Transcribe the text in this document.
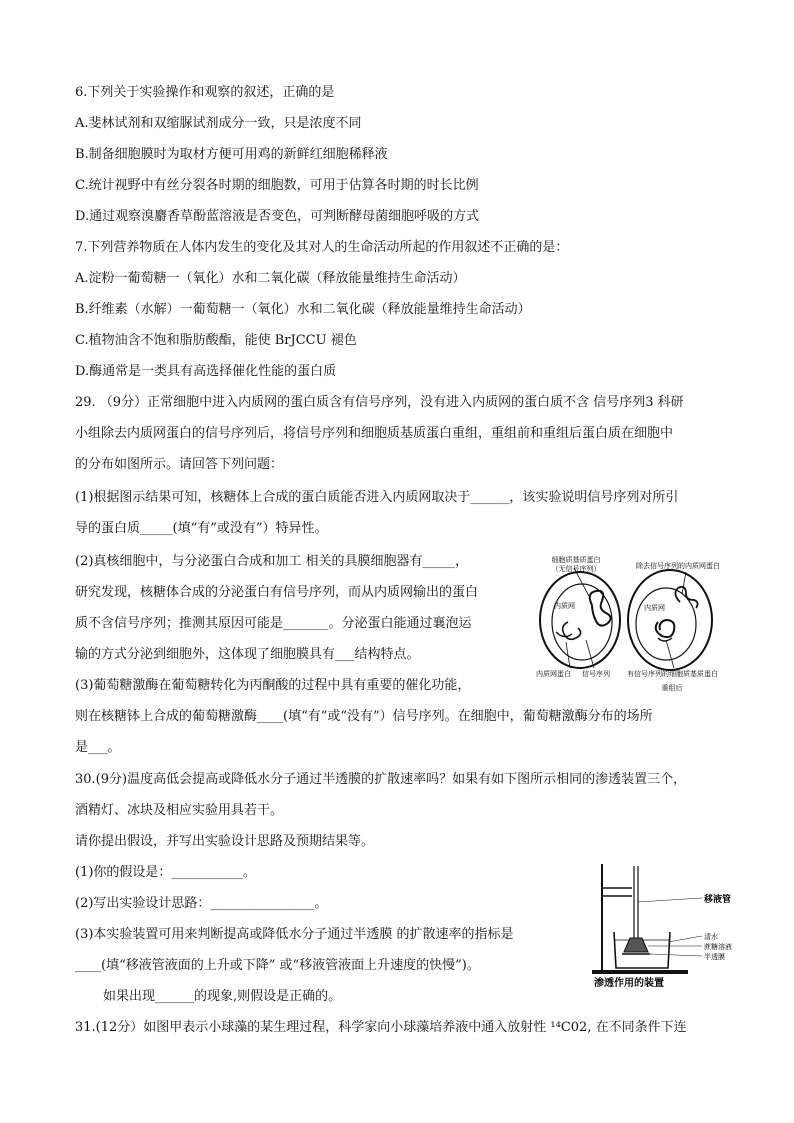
6.下列关于实验操作和观察的叙述，正确的是
A.斐林试剂和双缩脲试剂成分一致，只是浓度不同
B.制备细胞膜时为取材方便可用鸡的新鲜红细胞稀释液
C.统计视野中有丝分裂各时期的细胞数，可用于估算各时期的时长比例
D.通过观察溴麝香草酚蓝溶液是否变色，可判断酵母菌细胞呼吸的方式
7.下列营养物质在人体内发生的变化及其对人的生命活动所起的作用叙述不正确的是：
A.淀粉一葡萄糖一（氧化）水和二氧化碳（释放能量维持生命活动）
B.纤维素（水解）一葡萄糖一（氧化）水和二氧化碳（释放能量维持生命活动）
C.植物油含不饱和脂肪酸酯，能使 BrJCCU 褪色
D.酶通常是一类具有高选择催化性能的蛋白质
29. （9分）正常细胞中进入内质网的蛋白质含有信号序列，没有进入内质网的蛋白质不含 信号序列3 科研
小组除去内质网蛋白的信号序列后，将信号序列和细胞质基质蛋白重组，重组前和重组后蛋白质在细胞中
的分布如图所示。请回答下列问题：
(1)根据图示结果可知，核糖体上合成的蛋白质能否进入内质网取决于______，该实验说明信号序列对所引
导的蛋白质_____(填“有”或没有”）特异性。
(2)真核细胞中，与分泌蛋白合成和加工 相关的具膜细胞器有_____，
研究发现，核糖体合成的分泌蛋白有信号序列，而从内质网输出的蛋白
质不含信号序列；推测其原因可能是_______。分泌蛋白能通过襄泡运
输的方式分泌到细胞外，这体现了细胞膜具有___结构特点。
(3)葡萄糖激酶在葡萄糖转化为丙酮酸的过程中具有重要的催化功能，
则在核糖钵上合成的葡萄糖激酶____(填“有”或“没有”）信号序列。在细胞中，葡萄糖激酶分布的场所
是___。
细胞质基质蛋白
（无信号序列）	除去信号序列的内质网蛋白
内质网	内质网
内质网蛋白 信号序列 有信号序列的细胞质基质蛋白
重组后
30.(9分)温度高低会提高或降低水分子通过半透膜的扩散速率吗？如果有如下图所示相同的渗透装置三个，
酒精灯、冰块及相应实验用具若干。
请你提出假设，并写出实验设计思路及预期结果等。
(1)你的假设是：___________。
(2)写出实验设计思路：________________。
(3)本实验装置可用来判断提高或降低水分子通过半透膜 的扩散速率的指标是
____(填“移液管液面的上升或下降” 或“移液管液面上升速度的快慢”)。
如果出现______的现象,则假设是正确的。
移液管
清水
蔗糖溶液
半透膜
渗透作用的装置
31.(12分）如图甲表示小球藻的某生理过程，科学家向小球藻培养液中通入放射性 ¹⁴C02, 在不同条件下连
